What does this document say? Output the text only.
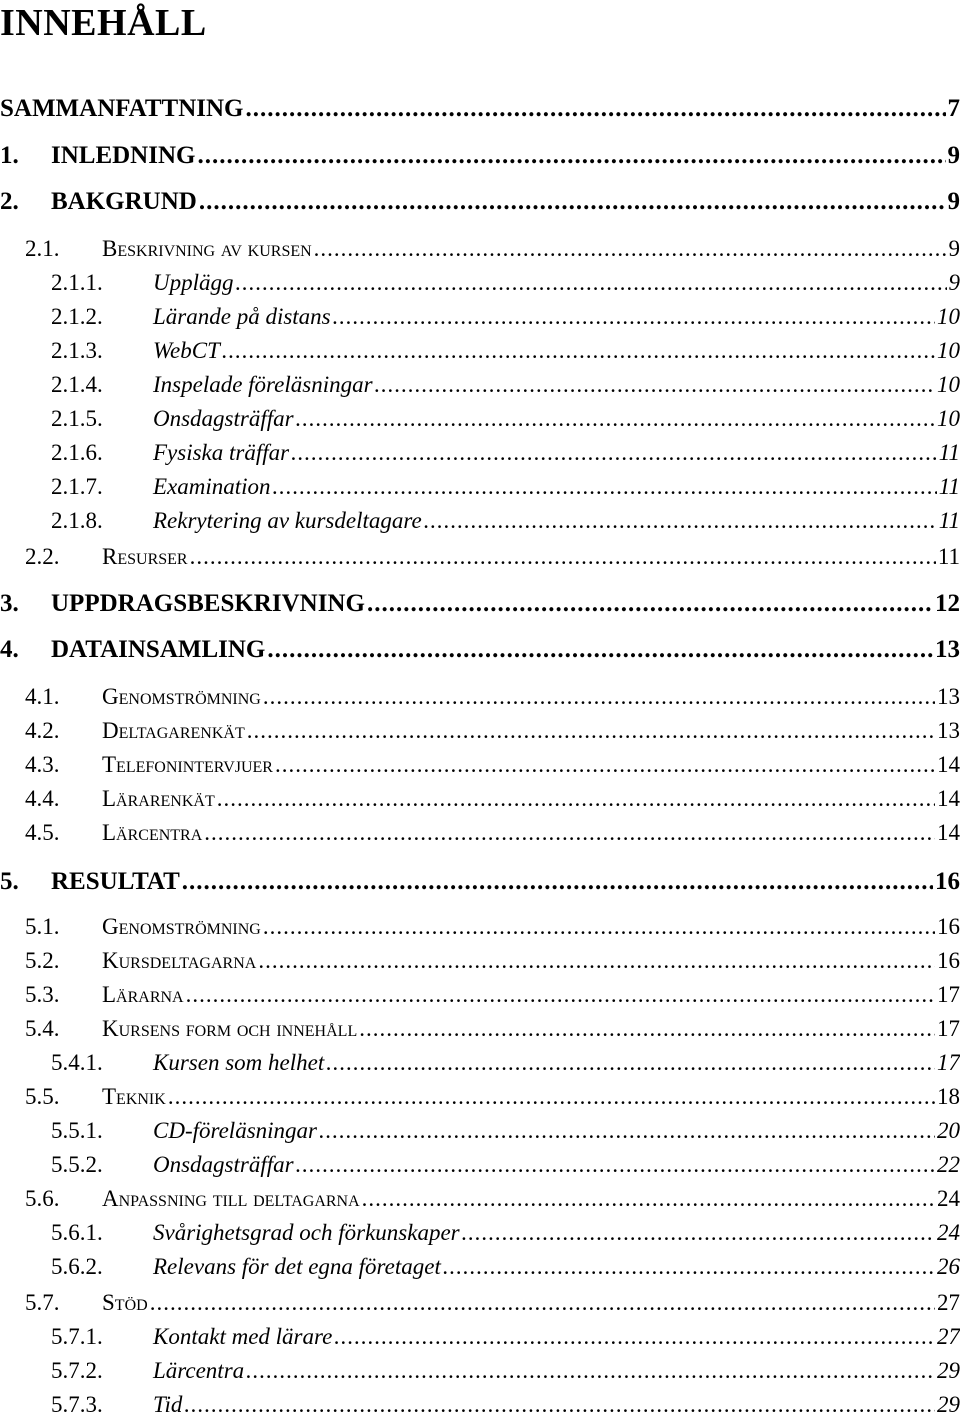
INNEHÅLL
SAMMANFATTNING .....	7
1.	INLEDNING .....	9
2.	BAKGRUND .....	9
2.1.	Beskrivning av kursen .....	9
2.1.1.	Upplägg .....	9
2.1.2.	Lärande på distans .....	10
2.1.3.	WebCT .....	10
2.1.4.	Inspelade föreläsningar .....	10
2.1.5.	Onsdagsträffar .....	10
2.1.6.	Fysiska träffar .....	11
2.1.7.	Examination .....	11
2.1.8.	Rekrytering av kursdeltagare .....	11
2.2.	Resurser .....	11
3.	UPPDRAGSBESKRIVNING .....	12
4.	DATAINSAMLING .....	13
4.1.	Genomströmning .....	13
4.2.	Deltagarenkät .....	13
4.3.	Telefonintervjuer .....	14
4.4.	Lärarenkät .....	14
4.5.	Lärcentra .....	14
5.	RESULTAT .....	16
5.1.	Genomströmning .....	16
5.2.	Kursdeltagarna .....	16
5.3.	Lärarna .....	17
5.4.	Kursens form och innehåll .....	17
5.4.1.	Kursen som helhet .....	17
5.5.	Teknik .....	18
5.5.1.	CD-föreläsningar .....	20
5.5.2.	Onsdagsträffar .....	22
5.6.	Anpassning till deltagarna .....	24
5.6.1.	Svårighetsgrad och förkunskaper .....	24
5.6.2.	Relevans för det egna företaget .....	26
5.7.	Stöd .....	27
5.7.1.	Kontakt med lärare .....	27
5.7.2.	Lärcentra .....	29
5.7.3.	Tid .....	29
